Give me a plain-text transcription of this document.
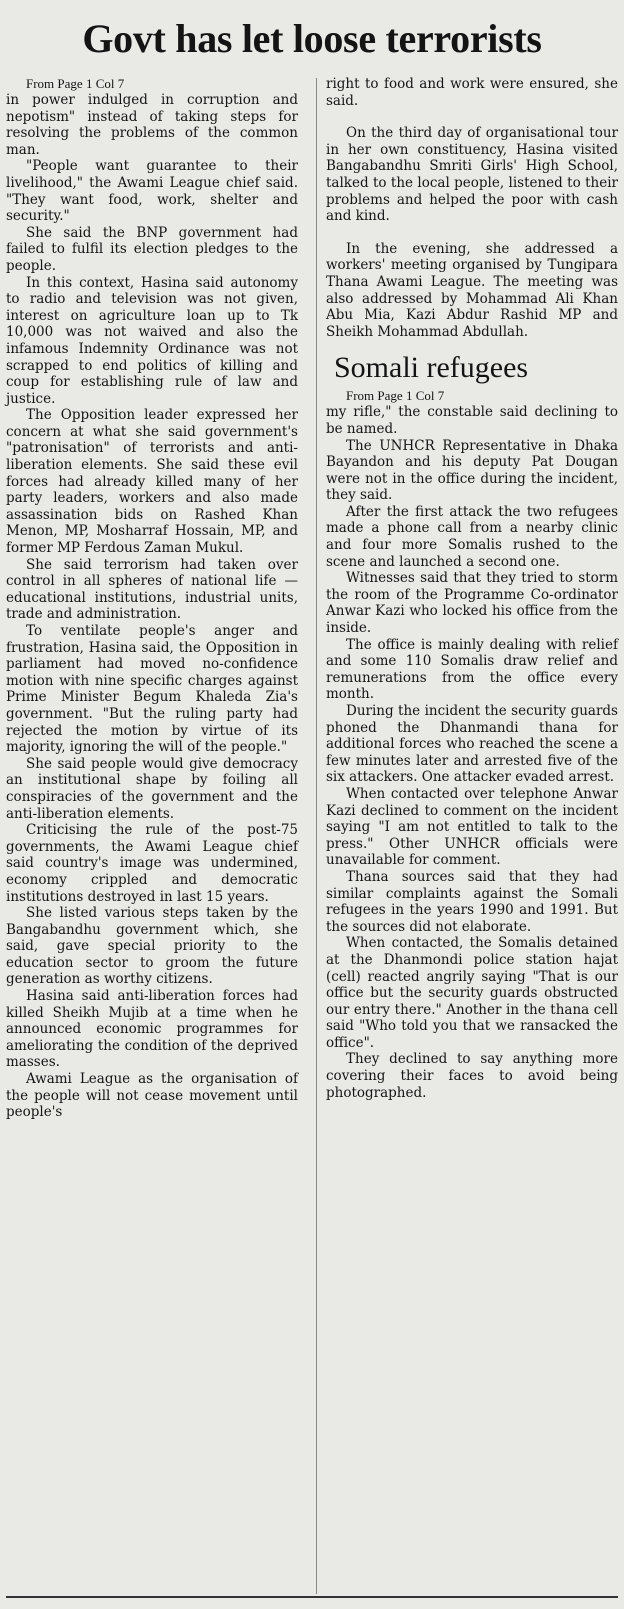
Govt has let loose terrorists

From Page 1 Col 7

in power indulged in corruption and nepotism" instead of taking steps for resolving the problems of the common man.

"People want guarantee to their livelihood," the Awami League chief said. "They want food, work, shelter and security."

She said the BNP government had failed to fulfil its election pledges to the people.

In this context, Hasina said autonomy to radio and television was not given, interest on agriculture loan up to Tk 10,000 was not waived and also the infamous Indemnity Ordinance was not scrapped to end politics of killing and coup for establishing rule of law and justice.

The Opposition leader expressed her concern at what she said government's "patronisation" of terrorists and anti-liberation elements. She said these evil forces had already killed many of her party leaders, workers and also made assassination bids on Rashed Khan Menon, MP, Mosharraf Hossain, MP, and former MP Ferdous Zaman Mukul.

She said terrorism had taken over control in all spheres of national life —educational institutions, industrial units, trade and administration.

To ventilate people's anger and frustration, Hasina said, the Opposition in parliament had moved no-confidence motion with nine specific charges against Prime Minister Begum Khaleda Zia's government. "But the ruling party had rejected the motion by virtue of its majority, ignoring the will of the people."

She said people would give democracy an institutional shape by foiling all conspiracies of the government and the anti-liberation elements.

Criticising the rule of the post-75 governments, the Awami League chief said country's image was undermined, economy crippled and democratic institutions destroyed in last 15 years.

She listed various steps taken by the Bangabandhu government which, she said, gave special priority to the education sector to groom the future generation as worthy citizens.

Hasina said anti-liberation forces had killed Sheikh Mujib at a time when he announced economic programmes for ameliorating the condition of the deprived masses.

Awami League as the organisation of the people will not cease movement until people's

right to food and work were ensured, she said.

On the third day of organisational tour in her own constituency, Hasina visited Bangabandhu Smriti Girls' High School, talked to the local people, listened to their problems and helped the poor with cash and kind.

In the evening, she addressed a workers' meeting organised by Tungipara Thana Awami League. The meeting was also addressed by Mohammad Ali Khan Abu Mia, Kazi Abdur Rashid MP and Sheikh Mohammad Abdullah.

Somali refugees

From Page 1 Col 7

my rifle," the constable said declining to be named.

The UNHCR Representative in Dhaka Bayandon and his deputy Pat Dougan were not in the office during the incident, they said.

After the first attack the two refugees made a phone call from a nearby clinic and four more Somalis rushed to the scene and launched a second one.

Witnesses said that they tried to storm the room of the Programme Co-ordinator Anwar Kazi who locked his office from the inside.

The office is mainly dealing with relief and some 110 Somalis draw relief and remunerations from the office every month.

During the incident the security guards phoned the Dhanmandi thana for additional forces who reached the scene a few minutes later and arrested five of the six attackers. One attacker evaded arrest.

When contacted over telephone Anwar Kazi declined to comment on the incident saying "I am not entitled to talk to the press." Other UNHCR officials were unavailable for comment.

Thana sources said that they had similar complaints against the Somali refugees in the years 1990 and 1991. But the sources did not elaborate.

When contacted, the Somalis detained at the Dhanmondi police station hajat (cell) reacted angrily saying "That is our office but the security guards obstructed our entry there." Another in the thana cell said "Who told you that we ransacked the office".

They declined to say anything more covering their faces to avoid being photographed.
